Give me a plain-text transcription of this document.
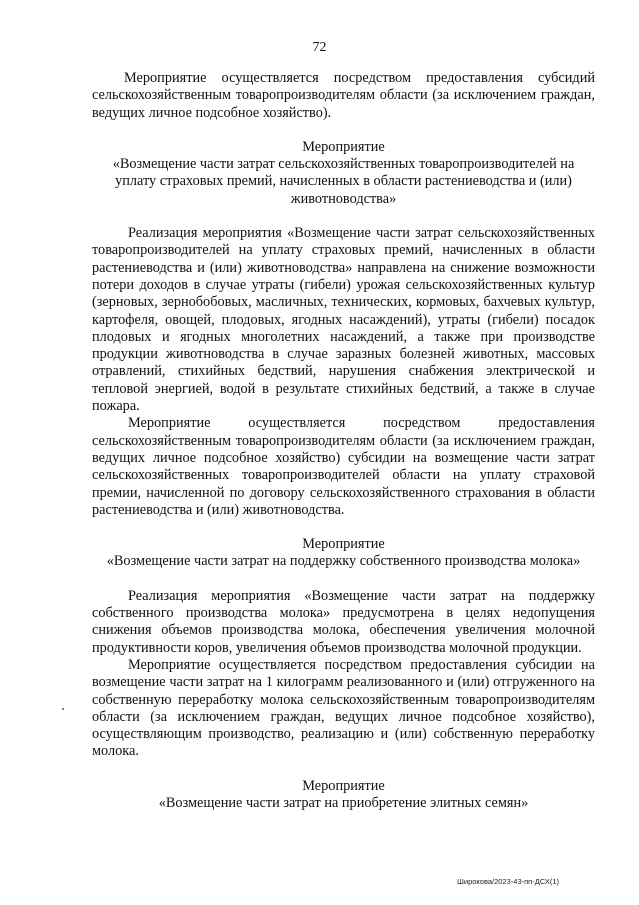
72

Мероприятие осуществляется посредством предоставления субсидий сельскохозяйственным товаропроизводителям области (за исключением граждан, ведущих личное подсобное хозяйство).

Мероприятие
«Возмещение части затрат сельскохозяйственных товаропроизводителей на уплату страховых премий, начисленных в области растениеводства и (или) животноводства»

Реализация мероприятия «Возмещение части затрат сельскохозяйственных товаропроизводителей на уплату страховых премий, начисленных в области растениеводства и (или) животноводства» направлена на снижение возможности потери доходов в случае утраты (гибели) урожая сельскохозяйственных культур (зерновых, зернобобовых, масличных, технических, кормовых, бахчевых культур, картофеля, овощей, плодовых, ягодных насаждений), утраты (гибели) посадок плодовых и ягодных многолетних насаждений, а также при производстве продукции животноводства в случае заразных болезней животных, массовых отравлений, стихийных бедствий, нарушения снабжения электрической и тепловой энергией, водой в результате стихийных бедствий, а также в случае пожара.

Мероприятие осуществляется посредством предоставления сельскохозяйственным товаропроизводителям области (за исключением граждан, ведущих личное подсобное хозяйство) субсидии на возмещение части затрат сельскохозяйственных товаропроизводителей области на уплату страховой премии, начисленной по договору сельскохозяйственного страхования в области растениеводства и (или) животноводства.

Мероприятие
«Возмещение части затрат на поддержку собственного производства молока»

Реализация мероприятия «Возмещение части затрат на поддержку собственного производства молока» предусмотрена в целях недопущения снижения объемов производства молока, обеспечения увеличения молочной продуктивности коров, увеличения объемов производства молочной продукции.

Мероприятие осуществляется посредством предоставления субсидии на возмещение части затрат на 1 килограмм реализованного и (или) отгруженного на собственную переработку молока сельскохозяйственным товаропроизводителям области (за исключением граждан, ведущих личное подсобное хозяйство), осуществляющим производство, реализацию и (или) собственную переработку молока.

Мероприятие
«Возмещение части затрат на приобретение элитных семян»
Широкова/2023-43-пп-ДСХ(1)
